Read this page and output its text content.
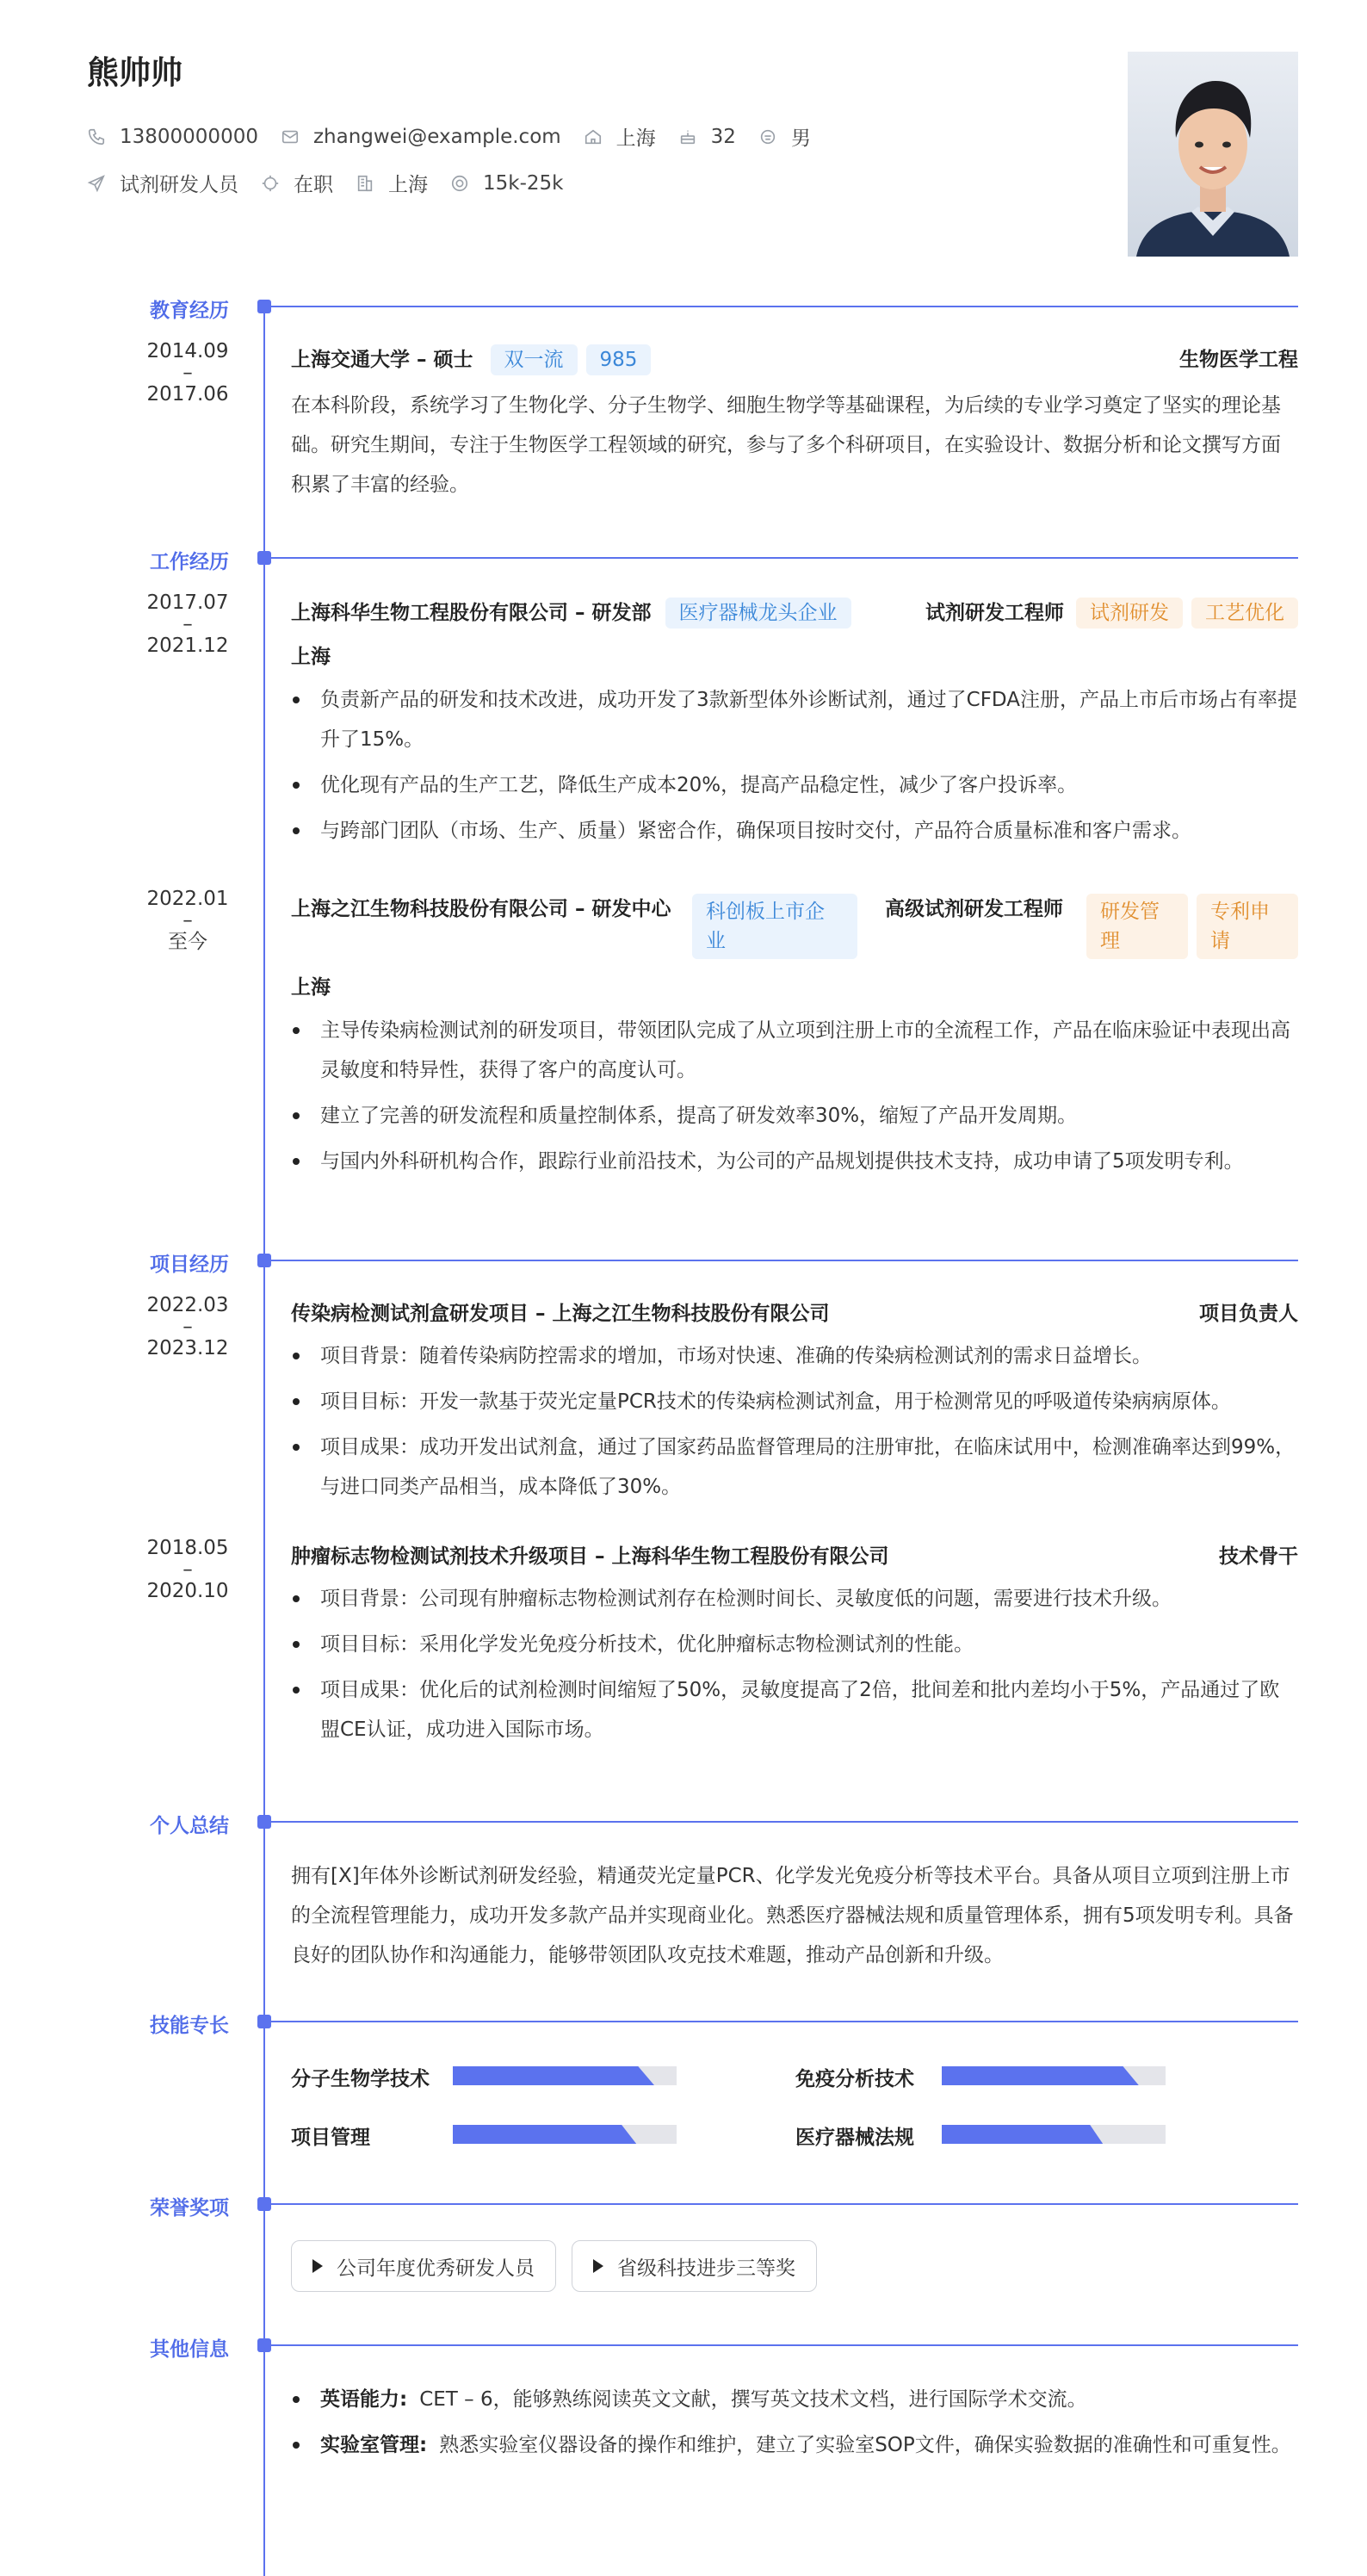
熊帅帅
13800000000	zhangwei@example.com	上海	32	男
试剂研发人员	在职	上海	15k-25k
教育经历
2014.09
–
2017.06
上海交通大学 – 硕士	双一流	985	生物医学工程
在本科阶段，系统学习了生物化学、分子生物学、细胞生物学等基础课程，为后续的专业学习奠定了坚实的理论基础。研究生期间，专注于生物医学工程领域的研究，参与了多个科研项目，在实验设计、数据分析和论文撰写方面积累了丰富的经验。
工作经历
2017.07
–
2021.12
上海科华生物工程股份有限公司 – 研发部	医疗器械龙头企业	试剂研发工程师	试剂研发	工艺优化
上海
负责新产品的研发和技术改进，成功开发了3款新型体外诊断试剂，通过了CFDA注册，产品上市后市场占有率提升了15%。
优化现有产品的生产工艺，降低生产成本20%，提高产品稳定性，减少了客户投诉率。
与跨部门团队（市场、生产、质量）紧密合作，确保项目按时交付，产品符合质量标准和客户需求。
2022.01
–
至今
上海之江生物科技股份有限公司 – 研发中心	科创板上市企业
高级试剂研发工程师	研发管理
专利申请
上海
主导传染病检测试剂的研发项目，带领团队完成了从立项到注册上市的全流程工作，产品在临床验证中表现出高灵敏度和特异性，获得了客户的高度认可。
建立了完善的研发流程和质量控制体系，提高了研发效率30%，缩短了产品开发周期。
与国内外科研机构合作，跟踪行业前沿技术，为公司的产品规划提供技术支持，成功申请了5项发明专利。
项目经历
2022.03
–
2023.12
传染病检测试剂盒研发项目 – 上海之江生物科技股份有限公司	项目负责人
项目背景：随着传染病防控需求的增加，市场对快速、准确的传染病检测试剂的需求日益增长。
项目目标：开发一款基于荧光定量PCR技术的传染病检测试剂盒，用于检测常见的呼吸道传染病病原体。
项目成果：成功开发出试剂盒，通过了国家药品监督管理局的注册审批，在临床试用中，检测准确率达到99%，与进口同类产品相当，成本降低了30%。
2018.05
–
2020.10
肿瘤标志物检测试剂技术升级项目 – 上海科华生物工程股份有限公司	技术骨干
项目背景：公司现有肿瘤标志物检测试剂存在检测时间长、灵敏度低的问题，需要进行技术升级。
项目目标：采用化学发光免疫分析技术，优化肿瘤标志物检测试剂的性能。
项目成果：优化后的试剂检测时间缩短了50%，灵敏度提高了2倍，批间差和批内差均小于5%，产品通过了欧盟CE认证，成功进入国际市场。
个人总结
拥有[X]年体外诊断试剂研发经验，精通荧光定量PCR、化学发光免疫分析等技术平台。具备从项目立项到注册上市的全流程管理能力，成功开发多款产品并实现商业化。熟悉医疗器械法规和质量管理体系，拥有5项发明专利。具备良好的团队协作和沟通能力，能够带领团队攻克技术难题，推动产品创新和升级。
技能专长
分子生物学技术	免疫分析技术
项目管理	医疗器械法规
荣誉奖项
公司年度优秀研发人员	省级科技进步三等奖
其他信息
英语能力: CET – 6，能够熟练阅读英文文献，撰写英文技术文档，进行国际学术交流。
实验室管理: 熟悉实验室仪器设备的操作和维护，建立了实验室SOP文件，确保实验数据的准确性和可重复性。
